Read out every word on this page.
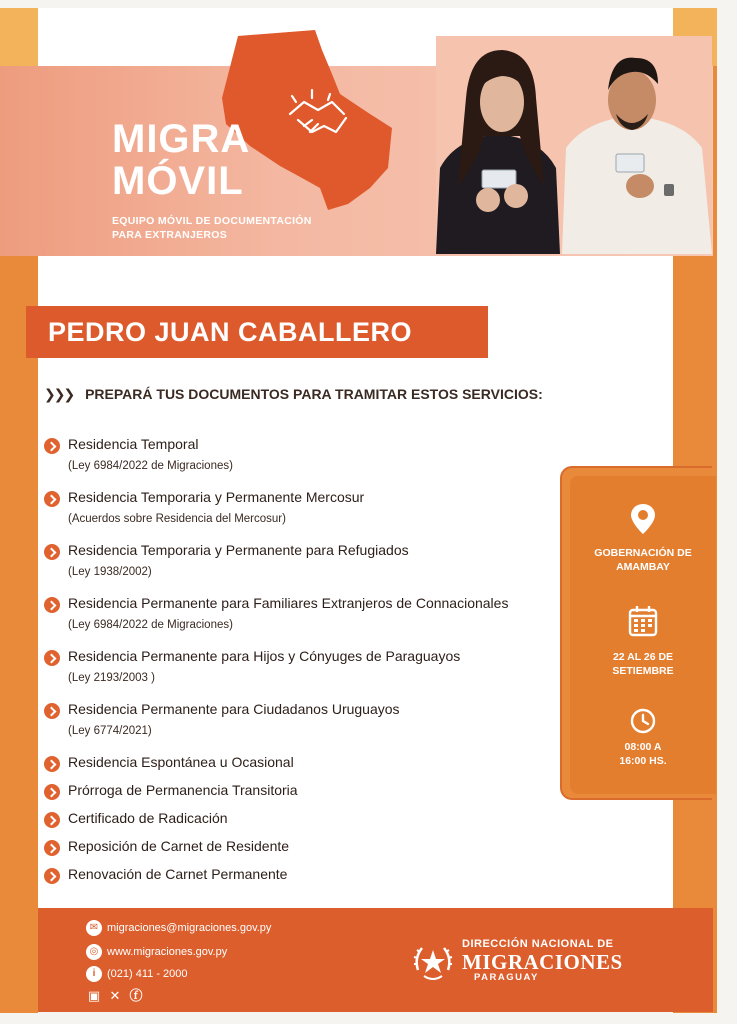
MIGRA
MÓVIL
EQUIPO MÓVIL DE DOCUMENTACIÓN
PARA EXTRANJEROS
PEDRO JUAN CABALLERO
❯❯❯ PREPARÁ TUS DOCUMENTOS PARA TRAMITAR ESTOS SERVICIOS:
Residencia Temporal
(Ley 6984/2022 de Migraciones)
Residencia Temporaria y Permanente Mercosur
(Acuerdos sobre Residencia del Mercosur)
Residencia Temporaria y Permanente para Refugiados
(Ley 1938/2002)
Residencia Permanente para Familiares Extranjeros de Connacionales
(Ley 6984/2022 de Migraciones)
Residencia Permanente para Hijos y Cónyuges de Paraguayos
(Ley 2193/2003 )
Residencia Permanente para Ciudadanos Uruguayos
(Ley 6774/2021)
Residencia Espontánea u Ocasional
Prórroga de Permanencia Transitoria
Certificado de Radicación
Reposición de Carnet de Residente
Renovación de Carnet Permanente
GOBERNACIÓN DE
AMAMBAY
22 AL 26 DE
SETIEMBRE
08:00 A
16:00 HS.
✉ migraciones@migraciones.gov.py
◎ www.migraciones.gov.py
i	(021) 411 - 2000
▣ ✕ ⓕ
DIRECCIÓN NACIONAL DE
MIGRACIONES
PARAGUAY
